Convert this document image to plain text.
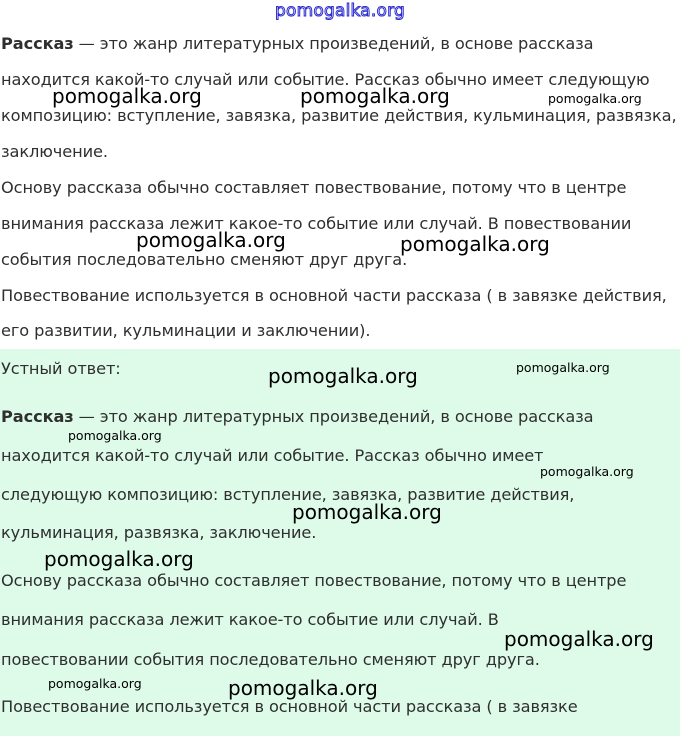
pomogalka.org
Рассказ — это жанр литературных произведений, в основе рассказа
находится какой-то случай или событие. Рассказ обычно имеет следующую
композицию: вступление, завязка, развитие действия, кульминация, развязка,
заключение.
Основу рассказа обычно составляет повествование, потому что в центре
внимания рассказа лежит какое-то событие или случай. В повествовании
события последовательно сменяют друг друга.
Повествование используется в основной части рассказа ( в завязке действия,
его развитии, кульминации и заключении).
Устный ответ:
Рассказ — это жанр литературных произведений, в основе рассказа
находится какой-то случай или событие. Рассказ обычно имеет
следующую композицию: вступление, завязка, развитие действия,
кульминация, развязка, заключение.
Основу рассказа обычно составляет повествование, потому что в центре
внимания рассказа лежит какое-то событие или случай. В
повествовании события последовательно сменяют друг друга.
Повествование используется в основной части рассказа ( в завязке
pomogalka.org	pomogalka.org	pomogalka.org
pomogalka.org	pomogalka.org
pomogalka.org	pomogalka.org
pomogalka.org
pomogalka.org
pomogalka.org
pomogalka.org
pomogalka.org
pomogalka.org	pomogalka.org
